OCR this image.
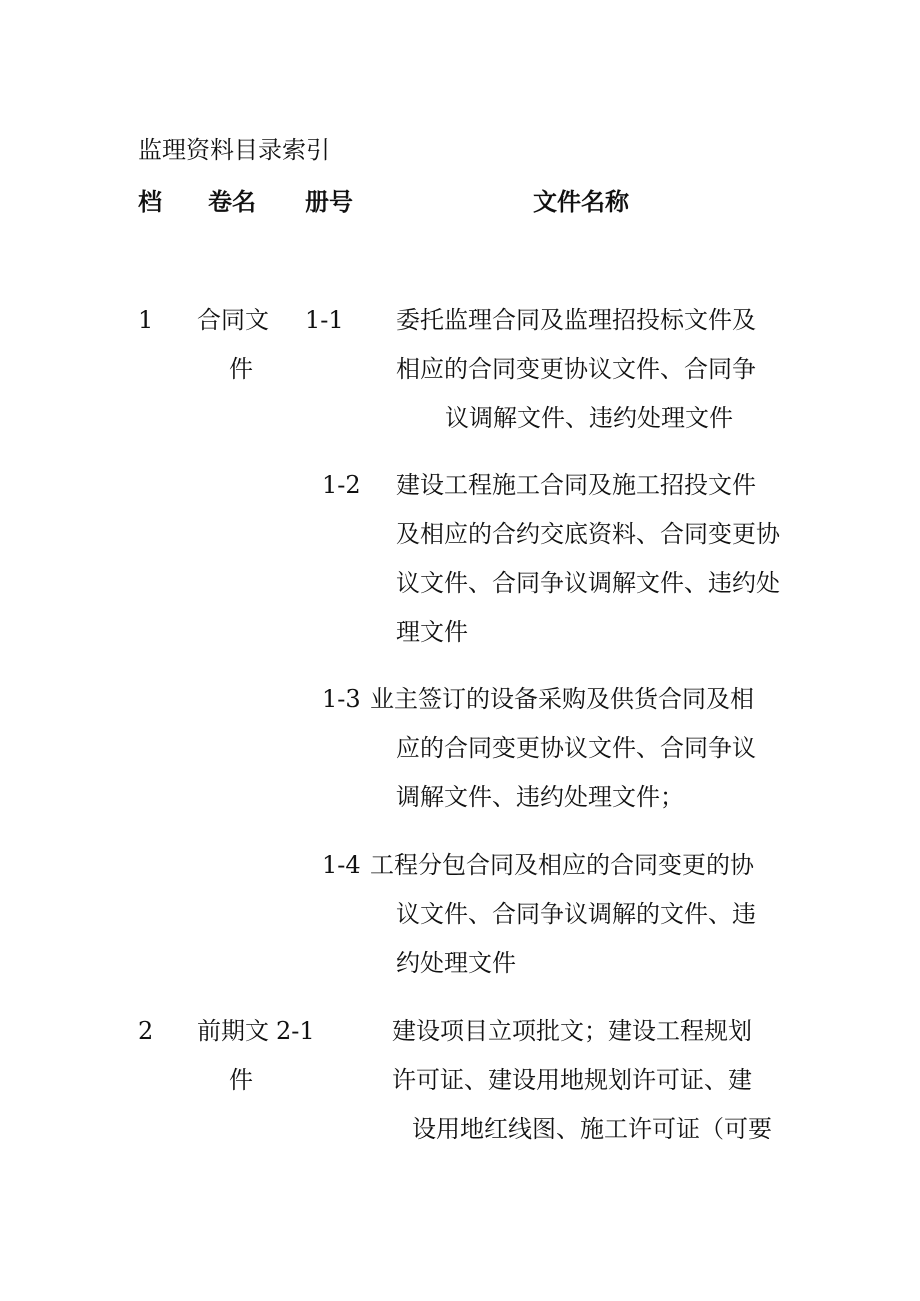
监理资料目录索引
档 卷名 册号	文件名称
1 合同文
件
1-1 委托监理合同及监理招投标文件及
相应的合同变更协议文件、合同争
议调解文件、违约处理文件
1-2 建设工程施工合同及施工招投文件
及相应的合约交底资料、合同变更协
议文件、合同争议调解文件、违约处
理文件
1-3 业主签订的设备采购及供货合同及相
应的合同变更协议文件、合同争议
调解文件、违约处理文件；
1-4 工程分包合同及相应的合同变更的协
议文件、合同争议调解的文件、违
约处理文件
2 前期文
件
2-1	建设项目立项批文；建设工程规划
许可证、建设用地规划许可证、建
设用地红线图、施工许可证（可要
